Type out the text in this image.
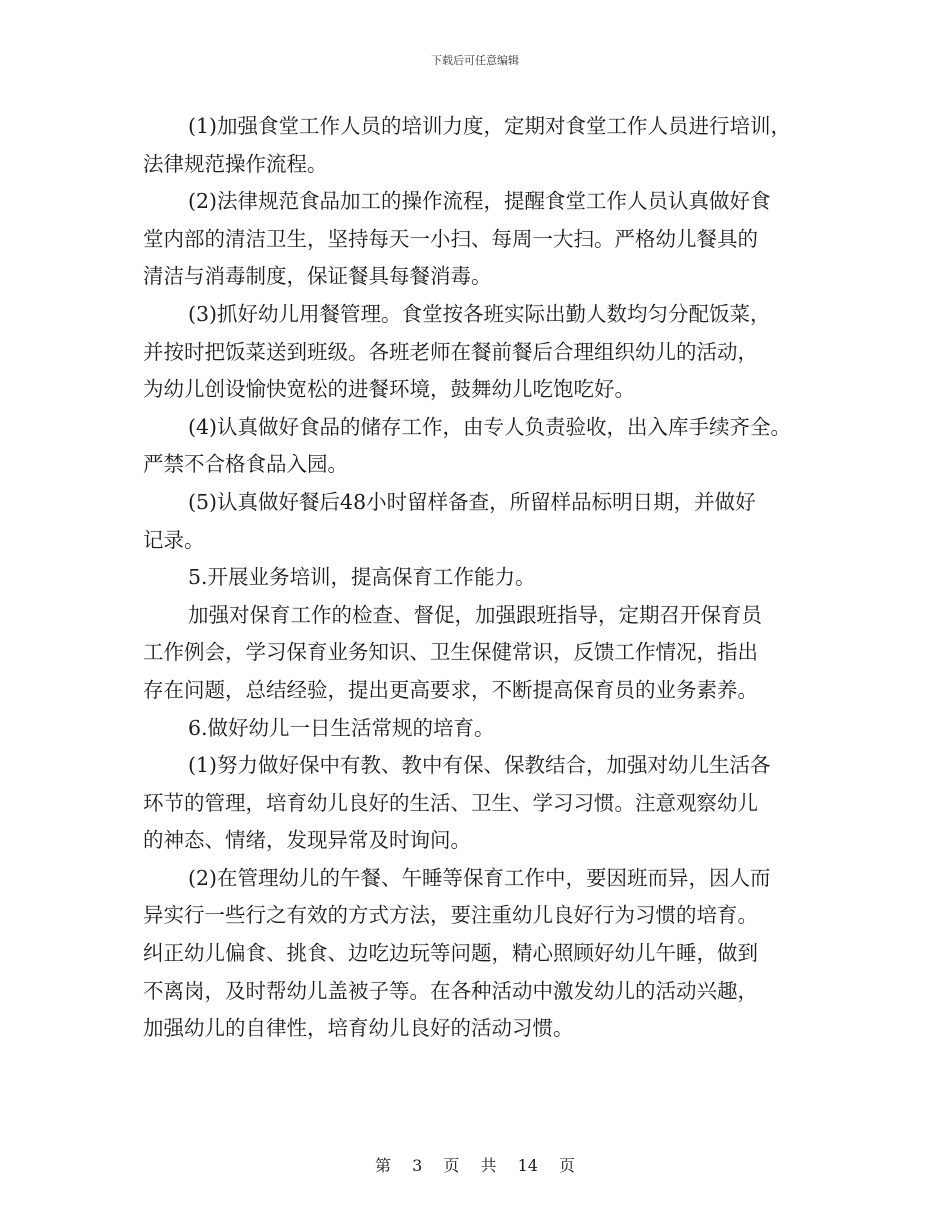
下载后可任意编辑
(1)加强食堂工作人员的培训力度，定期对食堂工作人员进行培训，
法律规范操作流程。
(2)法律规范食品加工的操作流程，提醒食堂工作人员认真做好食
堂内部的清洁卫生，坚持每天一小扫、每周一大扫。严格幼儿餐具的
清洁与消毒制度，保证餐具每餐消毒。
(3)抓好幼儿用餐管理。食堂按各班实际出勤人数均匀分配饭菜，
并按时把饭菜送到班级。各班老师在餐前餐后合理组织幼儿的活动，
为幼儿创设愉快宽松的进餐环境，鼓舞幼儿吃饱吃好。
(4)认真做好食品的储存工作，由专人负责验收，出入库手续齐全。
严禁不合格食品入园。
(5)认真做好餐后48小时留样备查，所留样品标明日期，并做好
记录。
5.开展业务培训，提高保育工作能力。
加强对保育工作的检查、督促，加强跟班指导，定期召开保育员
工作例会，学习保育业务知识、卫生保健常识，反馈工作情况，指出
存在问题，总结经验，提出更高要求，不断提高保育员的业务素养。
6.做好幼儿一日生活常规的培育。
(1)努力做好保中有教、教中有保、保教结合，加强对幼儿生活各
环节的管理，培育幼儿良好的生活、卫生、学习习惯。注意观察幼儿
的神态、情绪，发现异常及时询问。
(2)在管理幼儿的午餐、午睡等保育工作中，要因班而异，因人而
异实行一些行之有效的方式方法，要注重幼儿良好行为习惯的培育。
纠正幼儿偏食、挑食、边吃边玩等问题，精心照顾好幼儿午睡，做到
不离岗，及时帮幼儿盖被子等。在各种活动中激发幼儿的活动兴趣，
加强幼儿的自律性，培育幼儿良好的活动习惯。
第 3 页 共 14 页
